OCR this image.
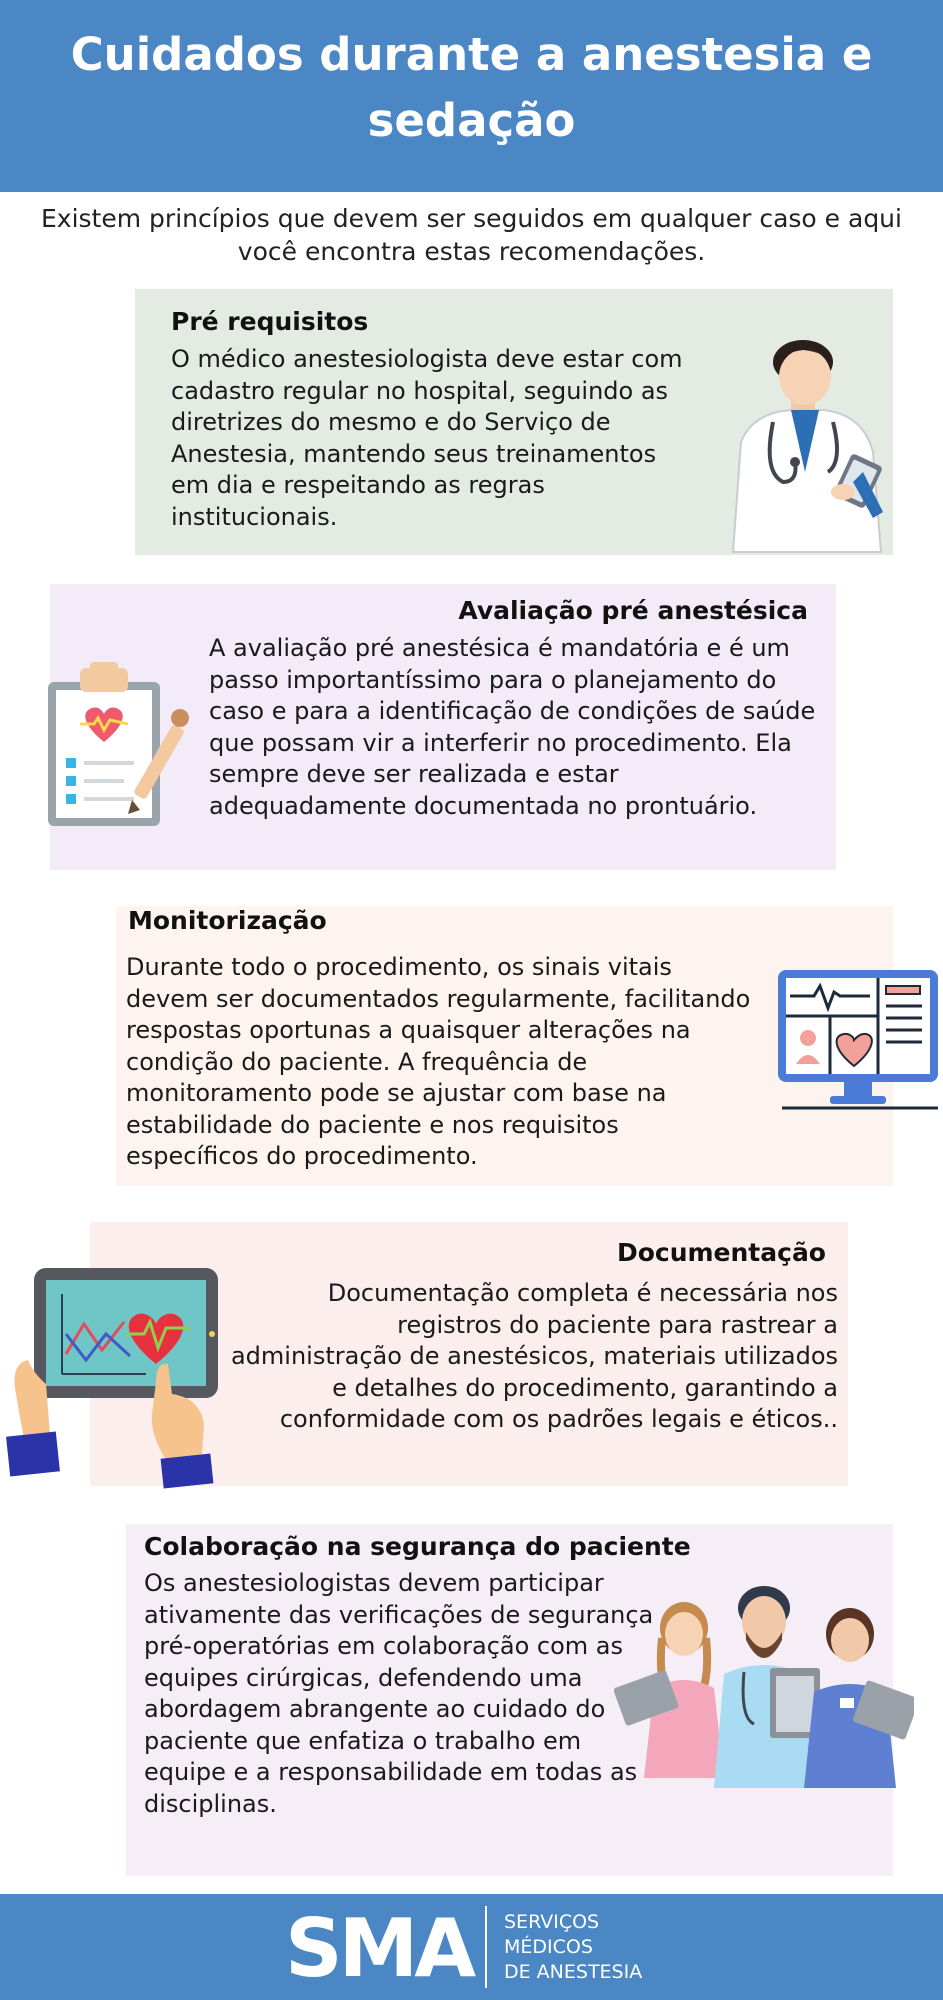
Cuidados durante a anestesia e sedação
Existem princípios que devem ser seguidos em qualquer caso e aqui você encontra estas recomendações.
Pré requisitos

O médico anestesiologista deve estar com cadastro regular no hospital, seguindo as diretrizes do mesmo e do Serviço de Anestesia, mantendo seus treinamentos em dia e respeitando as regras institucionais.

Avaliação pré anestésica

A avaliação pré anestésica é mandatória e é um passo importantíssimo para o planejamento do caso e para a identificação de condições de saúde que possam vir a interferir no procedimento. Ela sempre deve ser realizada e estar adequadamente documentada no prontuário.

Monitorização

Durante todo o procedimento, os sinais vitais devem ser documentados regularmente, facilitando respostas oportunas a quaisquer alterações na condição do paciente. A frequência de monitoramento pode se ajustar com base na estabilidade do paciente e nos requisitos específicos do procedimento.

Documentação

Documentação completa é necessária nos registros do paciente para rastrear a administração de anestésicos, materiais utilizados e detalhes do procedimento, garantindo a conformidade com os padrões legais e éticos..

Colaboração na segurança do paciente

Os anestesiologistas devem participar ativamente das verificações de segurança pré-operatórias em colaboração com as equipes cirúrgicas, defendendo uma abordagem abrangente ao cuidado do paciente que enfatiza o trabalho em equipe e a responsabilidade em todas as disciplinas.

SMA SERVIÇOS
MÉDICOS
DE ANESTESIA
